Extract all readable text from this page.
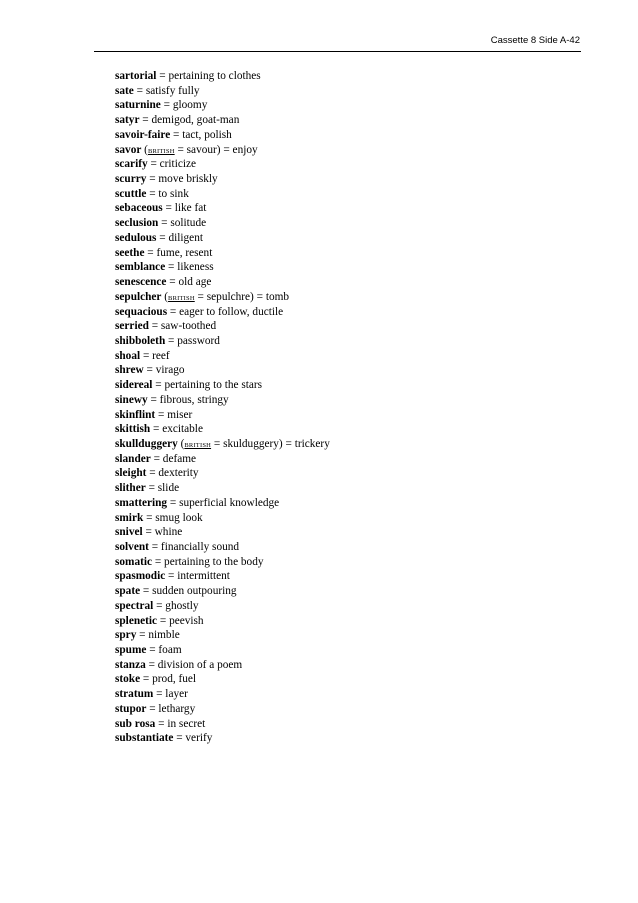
Cassette 8 Side A-42
sartorial = pertaining to clothes
sate = satisfy fully
saturnine = gloomy
satyr = demigod, goat-man
savoir-faire = tact, polish
savor (BRITISH = savour) = enjoy
scarify = criticize
scurry = move briskly
scuttle = to sink
sebaceous = like fat
seclusion = solitude
sedulous = diligent
seethe = fume, resent
semblance = likeness
senescence = old age
sepulcher (BRITISH = sepulchre) = tomb
sequacious = eager to follow, ductile
serried = saw-toothed
shibboleth = password
shoal = reef
shrew = virago
sidereal = pertaining to the stars
sinewy = fibrous, stringy
skinflint = miser
skittish = excitable
skullduggery (BRITISH = skulduggery) = trickery
slander = defame
sleight = dexterity
slither = slide
smattering = superficial knowledge
smirk = smug look
snivel = whine
solvent = financially sound
somatic = pertaining to the body
spasmodic = intermittent
spate = sudden outpouring
spectral = ghostly
splenetic = peevish
spry = nimble
spume = foam
stanza = division of a poem
stoke = prod, fuel
stratum = layer
stupor = lethargy
sub rosa = in secret
substantiate = verify
